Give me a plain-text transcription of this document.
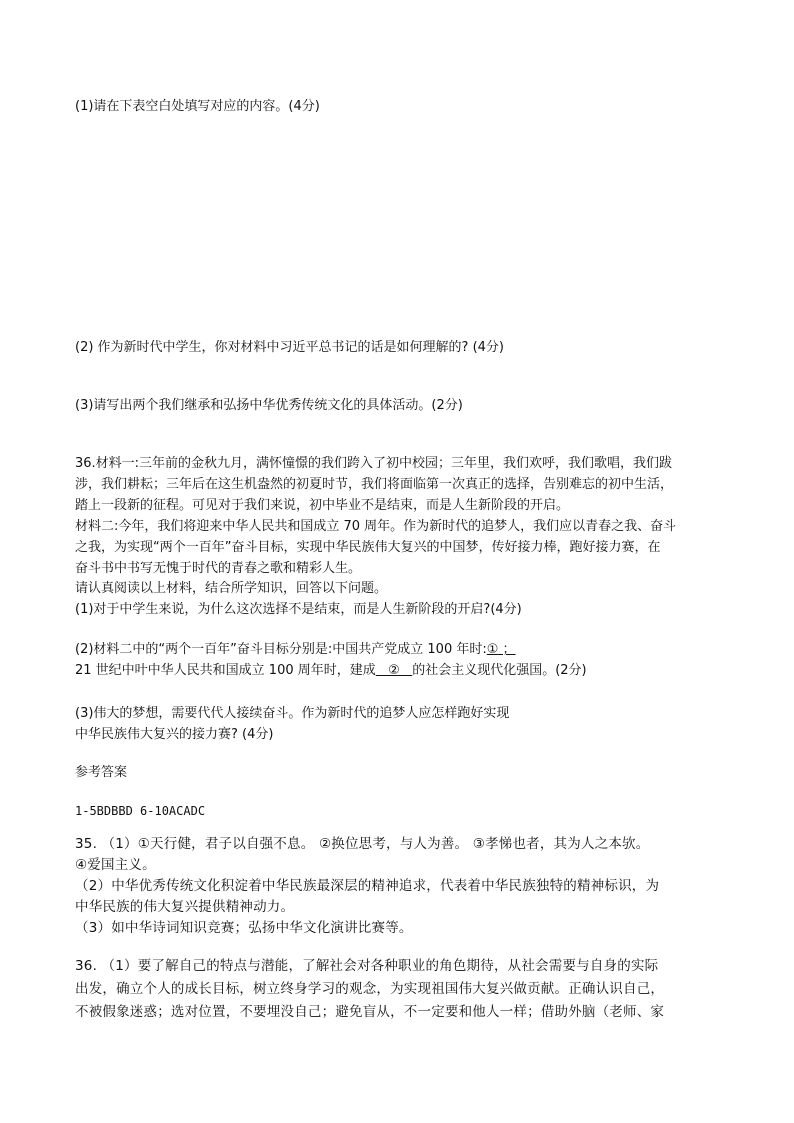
(1)请在下表空白处填写对应的内容。(4分)
(2) 作为新时代中学生，你对材料中习近平总书记的话是如何理解的? (4分)
(3)请写出两个我们继承和弘扬中华优秀传统文化的具体活动。(2分)
36.材料一:三年前的金秋九月，满怀憧憬的我们跨入了初中校园；三年里，我们欢呼，我们歌唱，我们跋
涉，我们耕耘；三年后在这生机盎然的初夏时节，我们将面临第一次真正的选择，告别难忘的初中生活，
踏上一段新的征程。可见对于我们来说，初中毕业不是结束，而是人生新阶段的开启。
材料二:今年，我们将迎来中华人民共和国成立 70 周年。作为新时代的追梦人，我们应以青春之我、奋斗
之我，为实现“两个一百年”奋斗目标，实现中华民族伟大复兴的中国梦，传好接力棒，跑好接力赛，在
奋斗书中书写无愧于时代的青春之歌和精彩人生。
请认真阅读以上材料，结合所学知识，回答以下问题。
(1)对于中学生来说，为什么这次选择不是结束，而是人生新阶段的开启?(4分)
(2)材料二中的“两个一百年”奋斗目标分别是:中国共产党成立 100 年时:① ；
21 世纪中叶中华人民共和国成立 100 周年时，建成   ②   的社会主义现代化强国。(2分)
(3)伟大的梦想，需要代代人接续奋斗。作为新时代的追梦人应怎样跑好实现
中华民族伟大复兴的接力赛? (4分)
参考答案
1-5BDBBD 6-10ACADC
35. （1）①天行健，君子以自强不息。 ②换位思考，与人为善。 ③孝悌也者，其为人之本欤。
④爱国主义。
（2）中华优秀传统文化积淀着中华民族最深层的精神追求，代表着中华民族独特的精神标识，为
中华民族的伟大复兴提供精神动力。
（3）如中华诗词知识竞赛；弘扬中华文化演讲比赛等。
36. （1）要了解自己的特点与潜能，了解社会对各种职业的角色期待，从社会需要与自身的实际
出发，确立个人的成长目标，树立终身学习的观念，为实现祖国伟大复兴做贡献。正确认识自己，
不被假象迷惑；选对位置，不要埋没自己；避免盲从，不一定要和他人一样；借助外脑（老师、家
